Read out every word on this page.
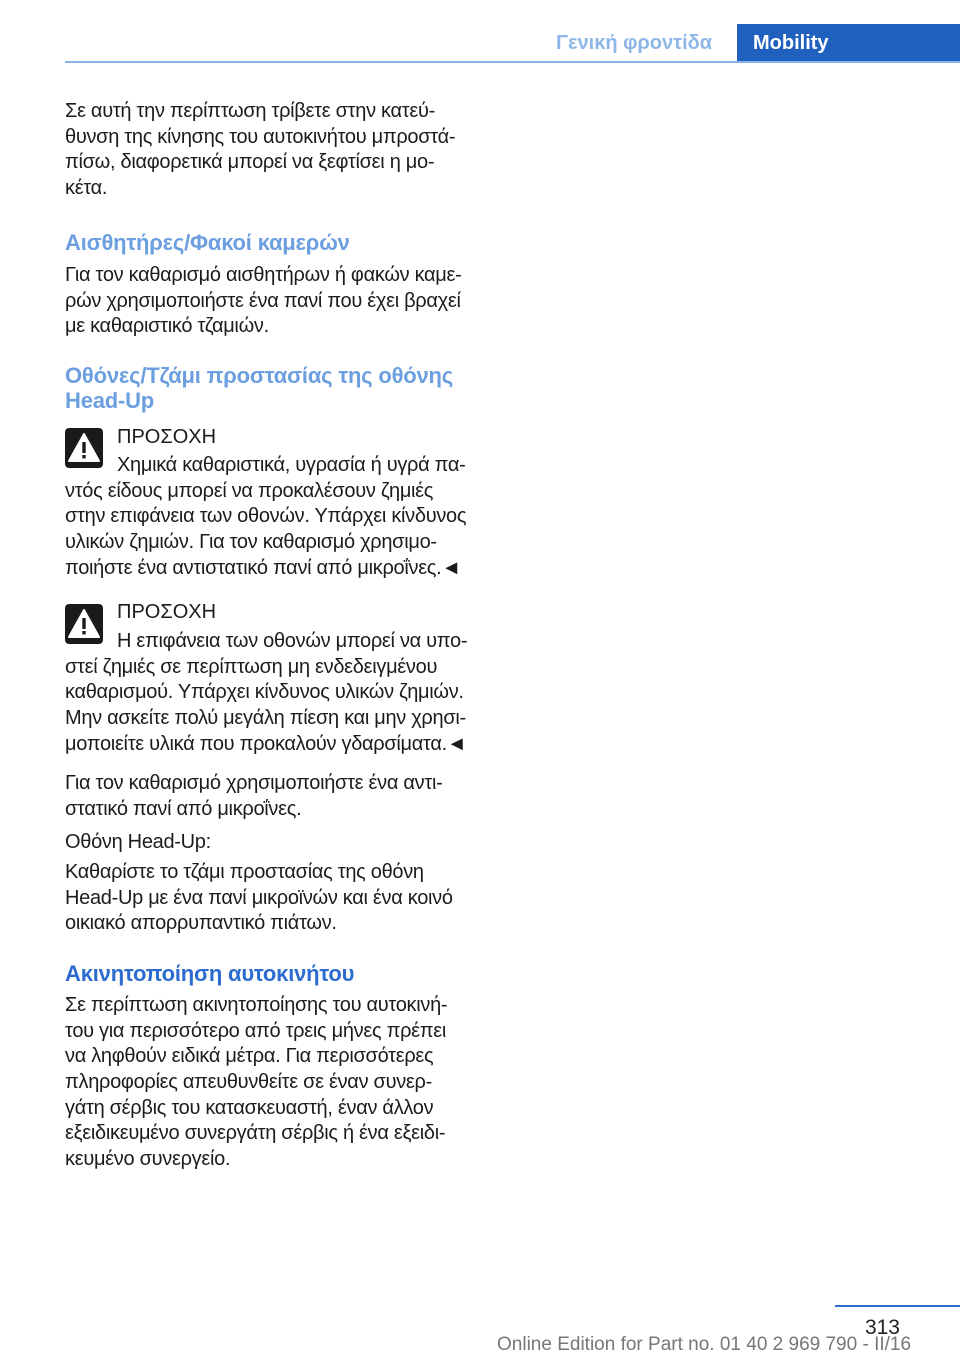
Γενική φροντίδα	Mobility
Σε αυτή την περίπτωση τρίβετε στην κατεύ-
θυνση της κίνησης του αυτοκινήτου μπροστά-
πίσω, διαφορετικά μπορεί να ξεφτίσει η μο-
κέτα.
Αισθητήρες/Φακοί καμερών
Για τον καθαρισμό αισθητήρων ή φακών καμε-
ρών χρησιμοποιήστε ένα πανί που έχει βραχεί
με καθαριστικό τζαμιών.
Οθόνες/Τζάμι προστασίας της οθόνης
Head-Up
ΠΡΟΣΟΧΗ
Χημικά καθαριστικά, υγρασία ή υγρά πα-
ντός είδους μπορεί να προκαλέσουν ζημιές
στην επιφάνεια των οθονών. Υπάρχει κίνδυνος
υλικών ζημιών. Για τον καθαρισμό χρησιμο-
ποιήστε ένα αντιστατικό πανί από μικροΐνες.◄
ΠΡΟΣΟΧΗ
Η επιφάνεια των οθονών μπορεί να υπο-
στεί ζημιές σε περίπτωση μη ενδεδειγμένου
καθαρισμού. Υπάρχει κίνδυνος υλικών ζημιών.
Μην ασκείτε πολύ μεγάλη πίεση και μην χρησι-
μοποιείτε υλικά που προκαλούν γδαρσίματα.◄
Για τον καθαρισμό χρησιμοποιήστε ένα αντι-
στατικό πανί από μικροΐνες.
Οθόνη Head-Up:
Καθαρίστε το τζάμι προστασίας της οθόνη
Head-Up με ένα πανί μικροϊνών και ένα κοινό
οικιακό απορρυπαντικό πιάτων.
Ακινητοποίηση αυτοκινήτου
Σε περίπτωση ακινητοποίησης του αυτοκινή-
του για περισσότερο από τρεις μήνες πρέπει
να ληφθούν ειδικά μέτρα. Για περισσότερες
πληροφορίες απευθυνθείτε σε έναν συνερ-
γάτη σέρβις του κατασκευαστή, έναν άλλον
εξειδικευμένο συνεργάτη σέρβις ή ένα εξειδι-
κευμένο συνεργείο.
313
Online Edition for Part no. 01 40 2 969 790 - II/16
